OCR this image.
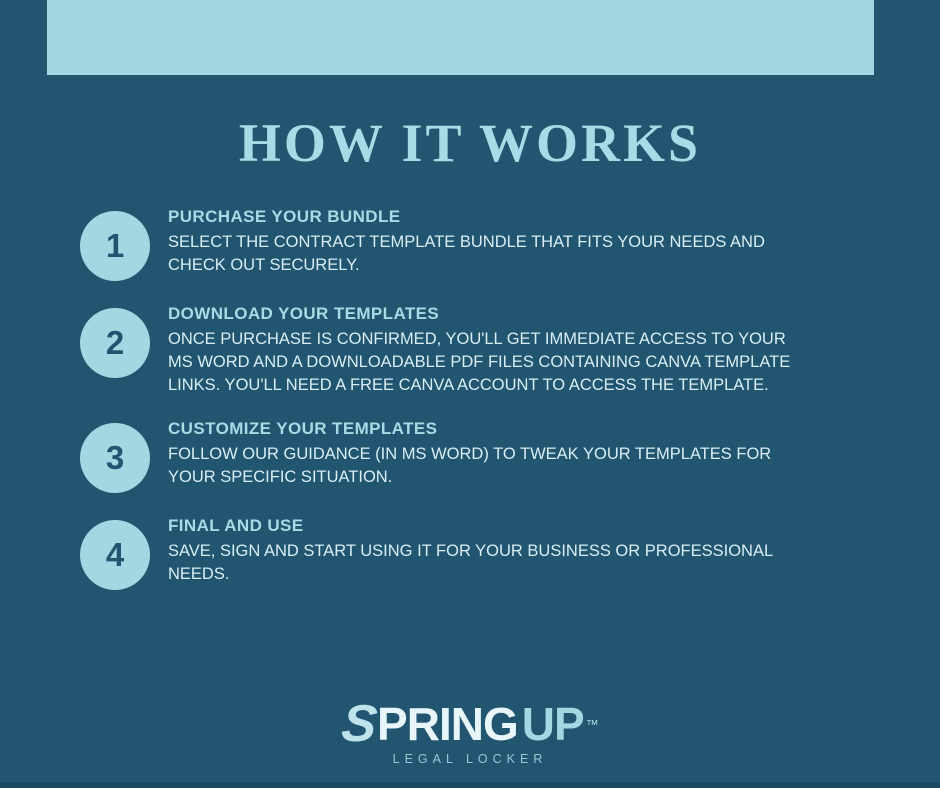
HOW IT WORKS
1
PURCHASE YOUR BUNDLE
SELECT THE CONTRACT TEMPLATE BUNDLE THAT FITS YOUR NEEDS AND CHECK OUT SECURELY.
2
DOWNLOAD YOUR TEMPLATES
ONCE PURCHASE IS CONFIRMED, YOU'LL GET IMMEDIATE ACCESS TO YOUR MS WORD AND A DOWNLOADABLE PDF FILES CONTAINING CANVA TEMPLATE LINKS. YOU'LL NEED A FREE CANVA ACCOUNT TO ACCESS THE TEMPLATE.
3
CUSTOMIZE YOUR TEMPLATES
FOLLOW OUR GUIDANCE (IN MS WORD) TO TWEAK YOUR TEMPLATES FOR YOUR SPECIFIC SITUATION.
4
FINAL AND USE
SAVE, SIGN AND START USING IT FOR YOUR BUSINESS OR PROFESSIONAL NEEDS.
S
PRING UP ™
LEGAL LOCKER
